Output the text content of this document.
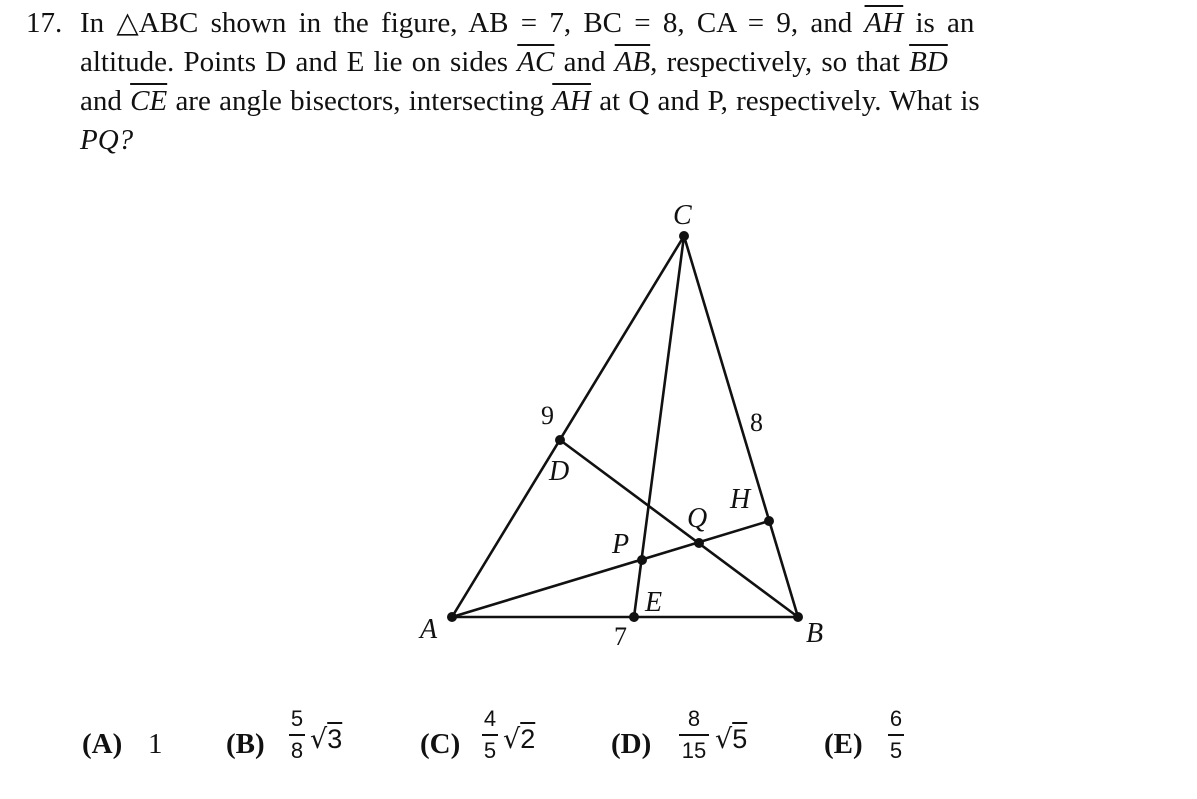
17. In △ABC shown in the figure, AB = 7, BC = 8, CA = 9, and $\overline{AH}$ is an
altitude. Points D and E lie on sides $\overline{AC}$ and $\overline{AB}$, respectively, so that $\overline{BD}$
and $\overline{CE}$ are angle bisectors, intersecting $\overline{AH}$ at Q and P, respectively. What is
PQ?
A	B
C
D
E
H
P
Q
9	8
7
(A) 1 (B)
5
8 √3	(C)
4
5 √2	(D)
8
15 √5	(E)
6
5
